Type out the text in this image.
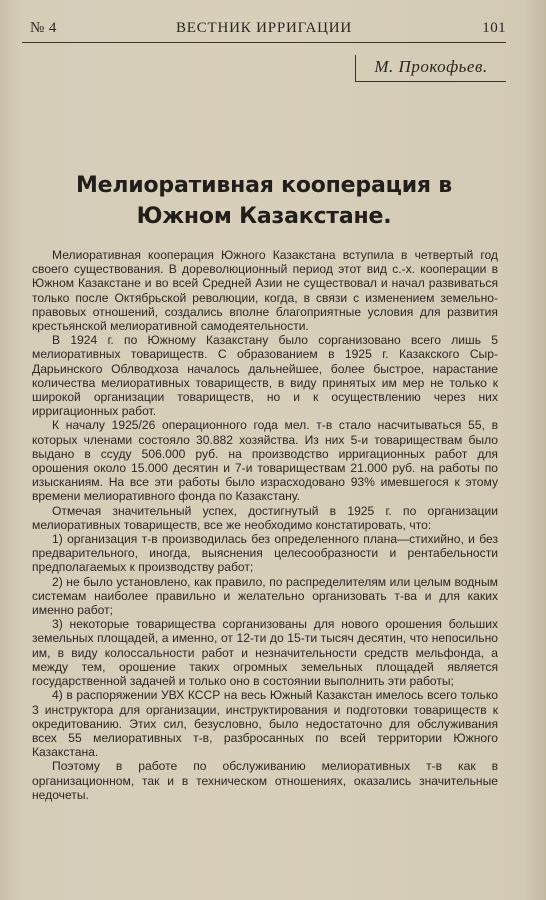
№ 4	ВЕСТНИК ИРРИГАЦИИ	101
М. Прокофьев.
Мелиоративная кооперация в Южном Казакстане.

Мелиоративная кооперация Южного Казакстана вступила в четвертый год своего существования. В дореволюционный период этот вид с.-х. кооперации в Южном Казакстане и во всей Средней Азии не существовал и начал развиваться только после Октябрьской революции, когда, в связи с изменением земельно-правовых отношений, создались вполне благоприятные условия для развития крестьянской мелиоративной самодеятельности.

В 1924 г. по Южному Казакстану было сорганизовано всего лишь 5 мелиоративных товариществ. С образованием в 1925 г. Казакского Сыр-Дарьинского Облводхоза началось дальнейшее, более быстрое, нарастание количества мелиоративных товариществ, в виду принятых им мер не только к широкой организации товариществ, но и к осуществлению через них ирригационных работ.

К началу 1925/26 операционного года мел. т-в стало насчитываться 55, в которых членами состояло 30.882 хозяйства. Из них 5-и товариществам было выдано в ссуду 506.000 руб. на производство ирригационных работ для орошения около 15.000 десятин и 7-и товариществам 21.000 руб. на работы по изысканиям. На все эти работы было израсходовано 93% имевшегося к этому времени мелиоративного фонда по Казакстану.

Отмечая значительный успех, достигнутый в 1925 г. по организации мелиоративных товариществ, все же необходимо констатировать, что:

1) организация т-в производилась без определенного плана—стихийно, и без предварительного, иногда, выяснения целесообразности и рентабельности предполагаемых к производству работ;

2) не было установлено, как правило, по распределителям или целым водным системам наиболее правильно и желательно организовать т-ва и для каких именно работ;

3) некоторые товарищества сорганизованы для нового орошения больших земельных площадей, а именно, от 12-ти до 15-ти тысяч десятин, что непосильно им, в виду колоссальности работ и незначительности средств мельфонда, а между тем, орошение таких огромных земельных площадей является государственной задачей и только оно в состоянии выполнить эти работы;

4) в распоряжении УВХ КССР на весь Южный Казакстан имелось всего только 3 инструктора для организации, инструктирования и подготовки товариществ к окредитованию. Этих сил, безусловно, было недостаточно для обслуживания всех 55 мелиоративных т-в, разбросанных по всей территории Южного Казакстана.

Поэтому в работе по обслуживанию мелиоративных т-в как в организационном, так и в техническом отношениях, оказались значительные недочеты.
